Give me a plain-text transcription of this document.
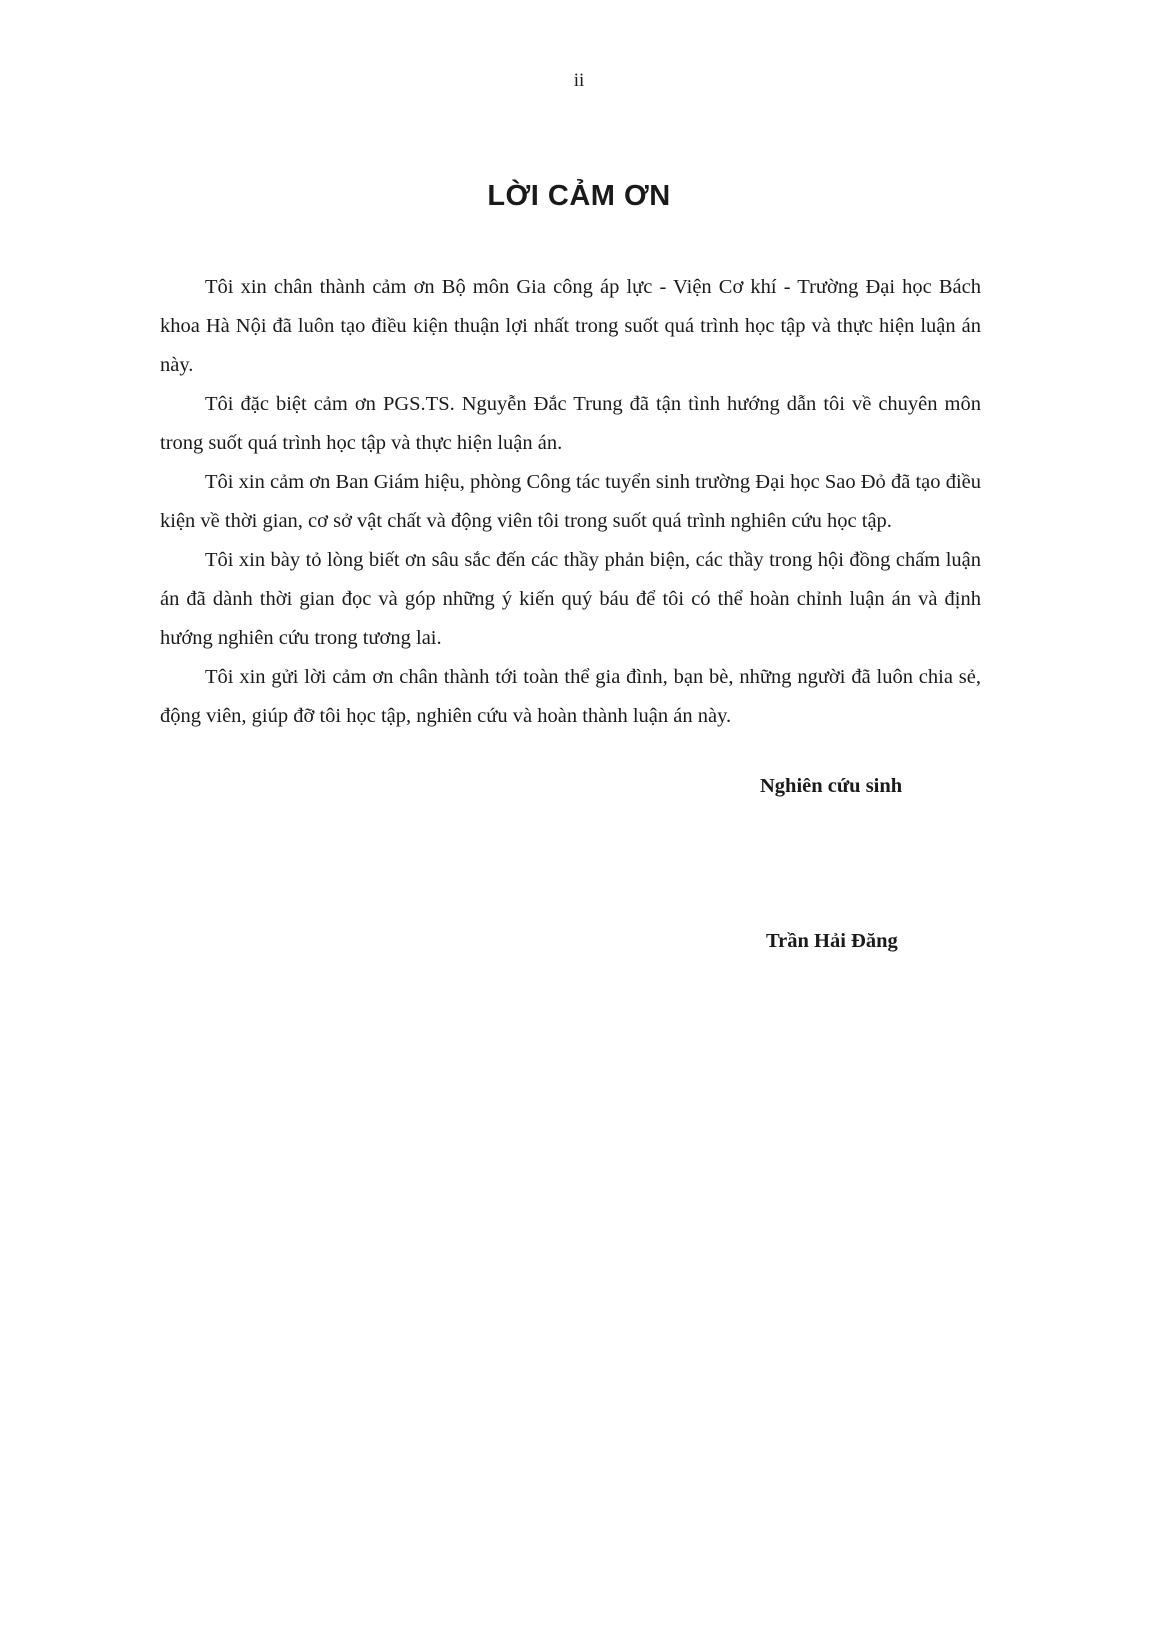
ii
LỜI CẢM ƠN

Tôi xin chân thành cảm ơn Bộ môn Gia công áp lực - Viện Cơ khí - Trường Đại học Bách khoa Hà Nội đã luôn tạo điều kiện thuận lợi nhất trong suốt quá trình học tập và thực hiện luận án này.

Tôi đặc biệt cảm ơn PGS.TS. Nguyễn Đắc Trung đã tận tình hướng dẫn tôi về chuyên môn trong suốt quá trình học tập và thực hiện luận án.

Tôi xin cảm ơn Ban Giám hiệu, phòng Công tác tuyển sinh trường Đại học Sao Đỏ đã tạo điều kiện về thời gian, cơ sở vật chất và động viên tôi trong suốt quá trình nghiên cứu học tập.

Tôi xin bày tỏ lòng biết ơn sâu sắc đến các thầy phản biện, các thầy trong hội đồng chấm luận án đã dành thời gian đọc và góp những ý kiến quý báu để tôi có thể hoàn chỉnh luận án và định hướng nghiên cứu trong tương lai.

Tôi xin gửi lời cảm ơn chân thành tới toàn thể gia đình, bạn bè, những người đã luôn chia sẻ, động viên, giúp đỡ tôi học tập, nghiên cứu và hoàn thành luận án này.

Nghiên cứu sinh

Trần Hải Đăng
